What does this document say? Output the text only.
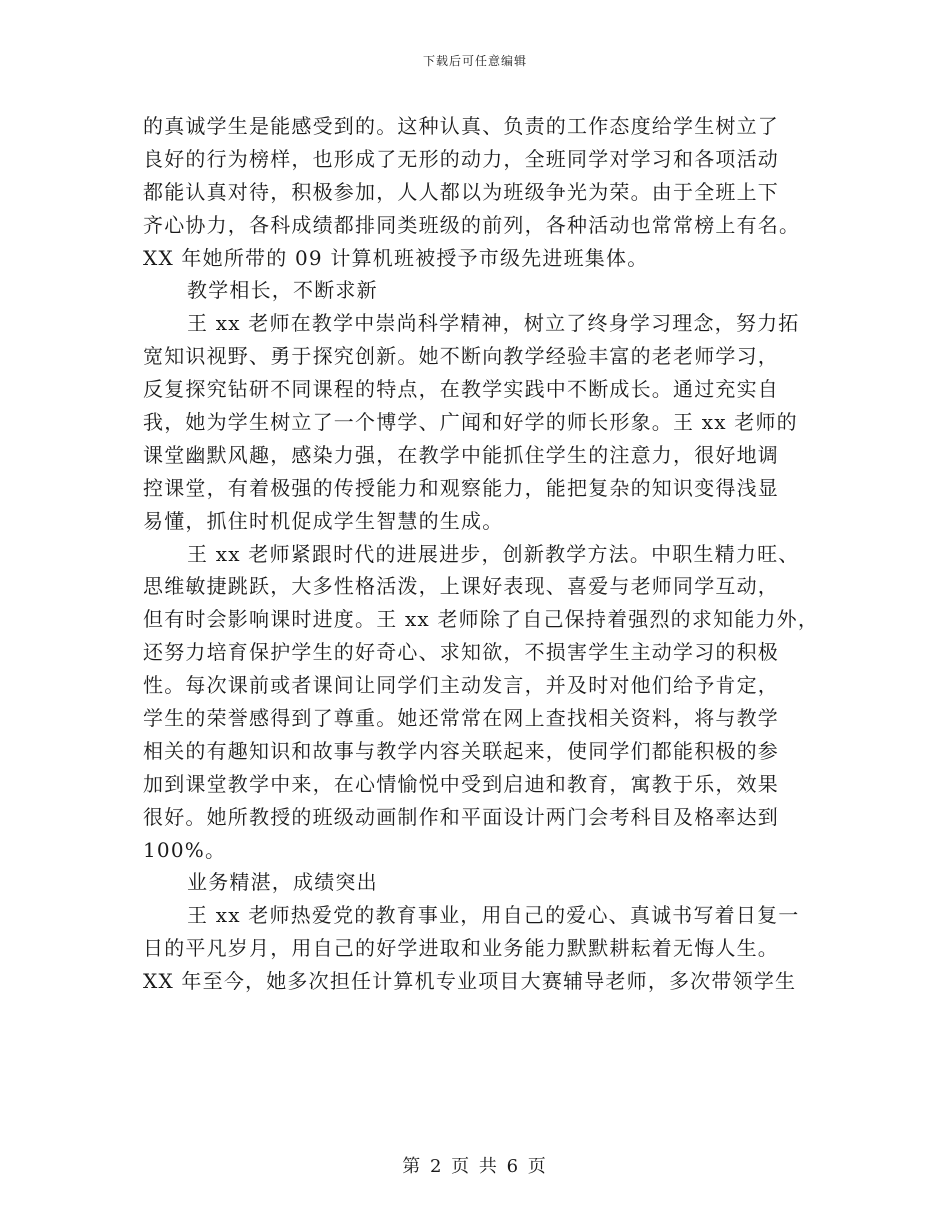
下载后可任意编辑
的真诚学生是能感受到的。这种认真、负责的工作态度给学生树立了
良好的行为榜样，也形成了无形的动力，全班同学对学习和各项活动
都能认真对待，积极参加，人人都以为班级争光为荣。由于全班上下
齐心协力，各科成绩都排同类班级的前列，各种活动也常常榜上有名。
XX 年她所带的 09 计算机班被授予市级先进班集体。
教学相长，不断求新
王 xx 老师在教学中崇尚科学精神，树立了终身学习理念，努力拓
宽知识视野、勇于探究创新。她不断向教学经验丰富的老老师学习，
反复探究钻研不同课程的特点，在教学实践中不断成长。通过充实自
我，她为学生树立了一个博学、广闻和好学的师长形象。王 xx 老师的
课堂幽默风趣，感染力强，在教学中能抓住学生的注意力，很好地调
控课堂，有着极强的传授能力和观察能力，能把复杂的知识变得浅显
易懂，抓住时机促成学生智慧的生成。
王 xx 老师紧跟时代的进展进步，创新教学方法。中职生精力旺、
思维敏捷跳跃，大多性格活泼，上课好表现、喜爱与老师同学互动，
但有时会影响课时进度。王 xx 老师除了自己保持着强烈的求知能力外，
还努力培育保护学生的好奇心、求知欲，不损害学生主动学习的积极
性。每次课前或者课间让同学们主动发言，并及时对他们给予肯定，
学生的荣誉感得到了尊重。她还常常在网上查找相关资料，将与教学
相关的有趣知识和故事与教学内容关联起来，使同学们都能积极的参
加到课堂教学中来，在心情愉悦中受到启迪和教育，寓教于乐，效果
很好。她所教授的班级动画制作和平面设计两门会考科目及格率达到
100%。
业务精湛，成绩突出
王 xx 老师热爱党的教育事业，用自己的爱心、真诚书写着日复一
日的平凡岁月，用自己的好学进取和业务能力默默耕耘着无悔人生。
XX 年至今，她多次担任计算机专业项目大赛辅导老师，多次带领学生
第 2 页 共 6 页
